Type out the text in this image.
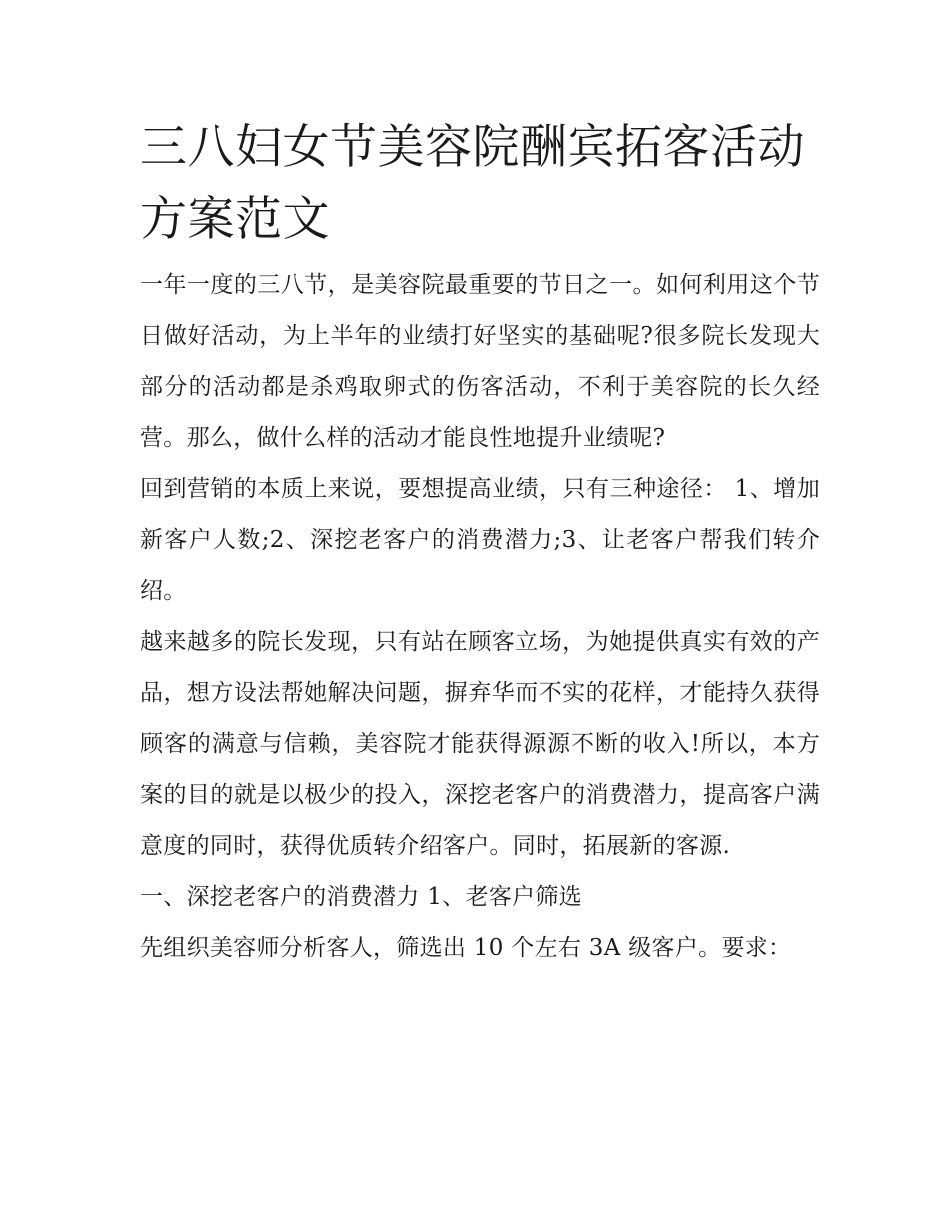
三八妇女节美容院酬宾拓客活动方案范文

一年一度的三八节，是美容院最重要的节日之一。如何利用这个节日做好活动，为上半年的业绩打好坚实的基础呢?很多院长发现大部分的活动都是杀鸡取卵式的伤客活动，不利于美容院的长久经营。那么，做什么样的活动才能良性地提升业绩呢?

回到营销的本质上来说，要想提高业绩，只有三种途径： 1、增加新客户人数;2、深挖老客户的消费潜力;3、让老客户帮我们转介绍。

越来越多的院长发现，只有站在顾客立场，为她提供真实有效的产品，想方设法帮她解决问题，摒弃华而不实的花样，才能持久获得顾客的满意与信赖，美容院才能获得源源不断的收入!所以，本方案的目的就是以极少的投入，深挖老客户的消费潜力，提高客户满意度的同时，获得优质转介绍客户。同时，拓展新的客源.

一、深挖老客户的消费潜力 1、老客户筛选

先组织美容师分析客人，筛选出 10 个左右 3A 级客户。要求：
